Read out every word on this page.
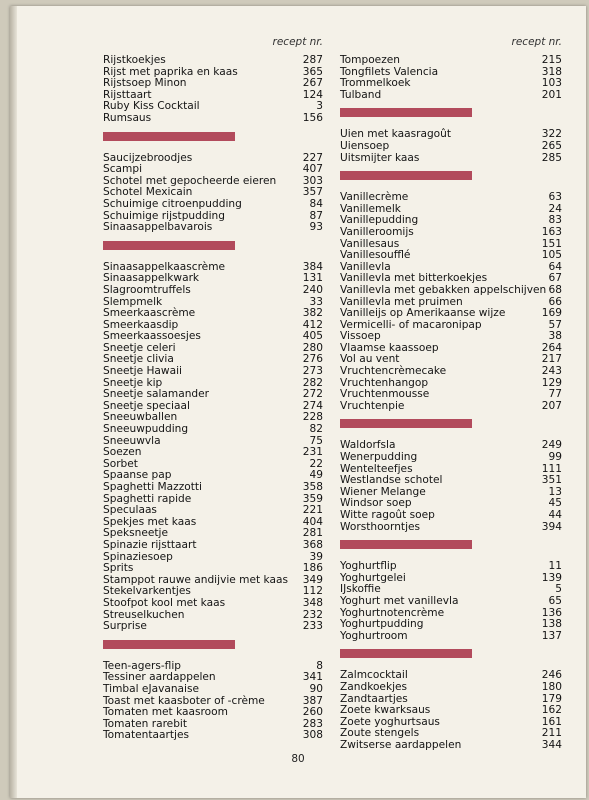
recept nr.
Rijstkoekjes	287
Rijst met paprika en kaas	365
Rijstsoep Minon	267
Rijsttaart	124
Ruby Kiss Cocktail	3
Rumsaus	156
Saucijzebroodjes	227
Scampi	407
Schotel met gepocheerde eieren	303
Schotel Mexicain	357
Schuimige citroenpudding	84
Schuimige rijstpudding	87
Sinaasappelbavarois	93
Sinaasappelkaascrème	384
Sinaasappelkwark	131
Slagroomtruffels	240
Slempmelk	33
Smeerkaascrème	382
Smeerkaasdip	412
Smeerkaassoesjes	405
Sneetje celeri	280
Sneetje clivia	276
Sneetje Hawaii	273
Sneetje kip	282
Sneetje salamander	272
Sneetje speciaal	274
Sneeuwballen	228
Sneeuwpudding	82
Sneeuwvla	75
Soezen	231
Sorbet	22
Spaanse pap	49
Spaghetti Mazzotti	358
Spaghetti rapide	359
Speculaas	221
Spekjes met kaas	404
Speksneetje	281
Spinazie rijsttaart	368
Spinaziesoep	39
Sprits	186
Stamppot rauwe andijvie met kaas 349
Stekelvarkentjes	112
Stoofpot kool met kaas	348
Streuselkuchen	232
Surprise	233
Teen-agers-flip	8
Tessiner aardappelen	341
Timbal eJavanaise	90
Toast met kaasboter of -crème	387
Tomaten met kaasroom	260
Tomaten rarebit	283
Tomatentaartjes	308
recept nr.
Tompoezen	215
Tongfilets Valencia	318
Trommelkoek	103
Tulband	201
Uien met kaasragoût	322
Uiensoep	265
Uitsmijter kaas	285
Vanillecrème	63
Vanillemelk	24
Vanillepudding	83
Vanilleroomijs	163
Vanillesaus	151
Vanillesoufflé	105
Vanillevla	64
Vanillevla met bitterkoekjes	67
Vanillevla met gebakken appelschijven 68
Vanillevla met pruimen	66
Vanilleijs op Amerikaanse wijze	169
Vermicelli- of macaronipap	57
Vissoep	38
Vlaamse kaassoep	264
Vol au vent	217
Vruchtencrèmecake	243
Vruchtenhangop	129
Vruchtenmousse	77
Vruchtenpie	207
Waldorfsla	249
Wenerpudding	99
Wentelteefjes	111
Westlandse schotel	351
Wiener Melange	13
Windsor soep	45
Witte ragoût soep	44
Worsthoorntjes	394
Yoghurtflip	11
Yoghurtgelei	139
IJskoffie	5
Yoghurt met vanillevla	65
Yoghurtnotencrème	136
Yoghurtpudding	138
Yoghurtroom	137
Zalmcocktail	246
Zandkoekjes	180
Zandtaartjes	179
Zoete kwarksaus	162
Zoete yoghurtsaus	161
Zoute stengels	211
Zwitserse aardappelen	344
80
